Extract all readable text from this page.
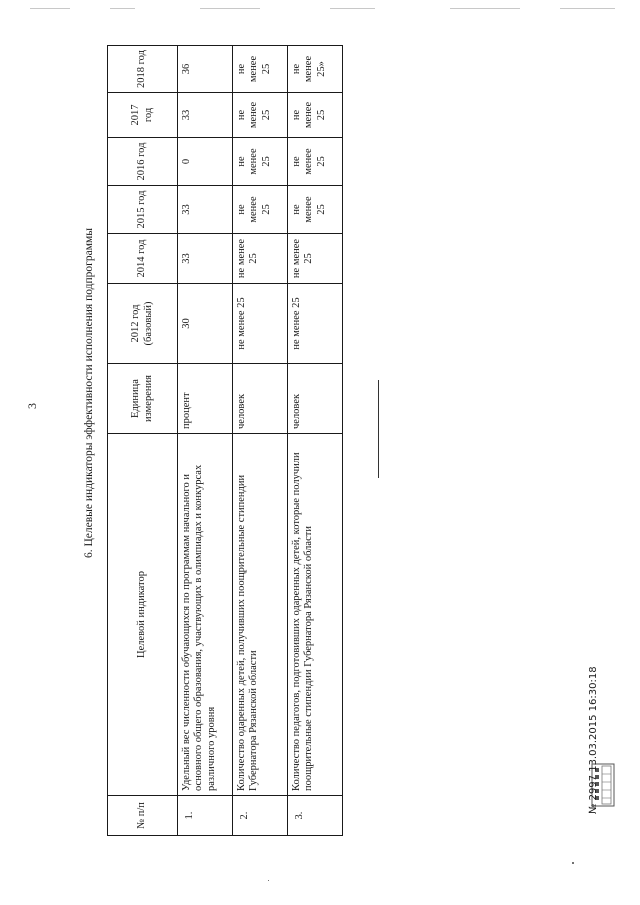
3	6. Целевые индикаторы эффективности исполнения подпрограммы
№ п/п	Целевой индикатор	Единица измерения	2012 год (базовый)	2014 год	2015 год	2016 год	2017 год	2018 год
1.	Удельный вес численности обучающихся по программам начального и основного общего образования, участвующих в олимпиадах и конкурсах различного уровня	процент	30	33	33	0	33	36
2.	Количество одаренных детей, получивших поощрительные стипендии Губернатора Рязанской области	человек	не менее 25	не менее 25	не менее 25	не менее 25	не менее 25	не менее 25
3.	Количество педагогов, подготовивших одаренных детей, которые получили поощрительные стипендии Губернатора Рязанской области	человек	не менее 25	не менее 25	не менее 25	не менее 25	не менее 25	не менее 25»
№ 2997 13.03.2015 16:30:18
